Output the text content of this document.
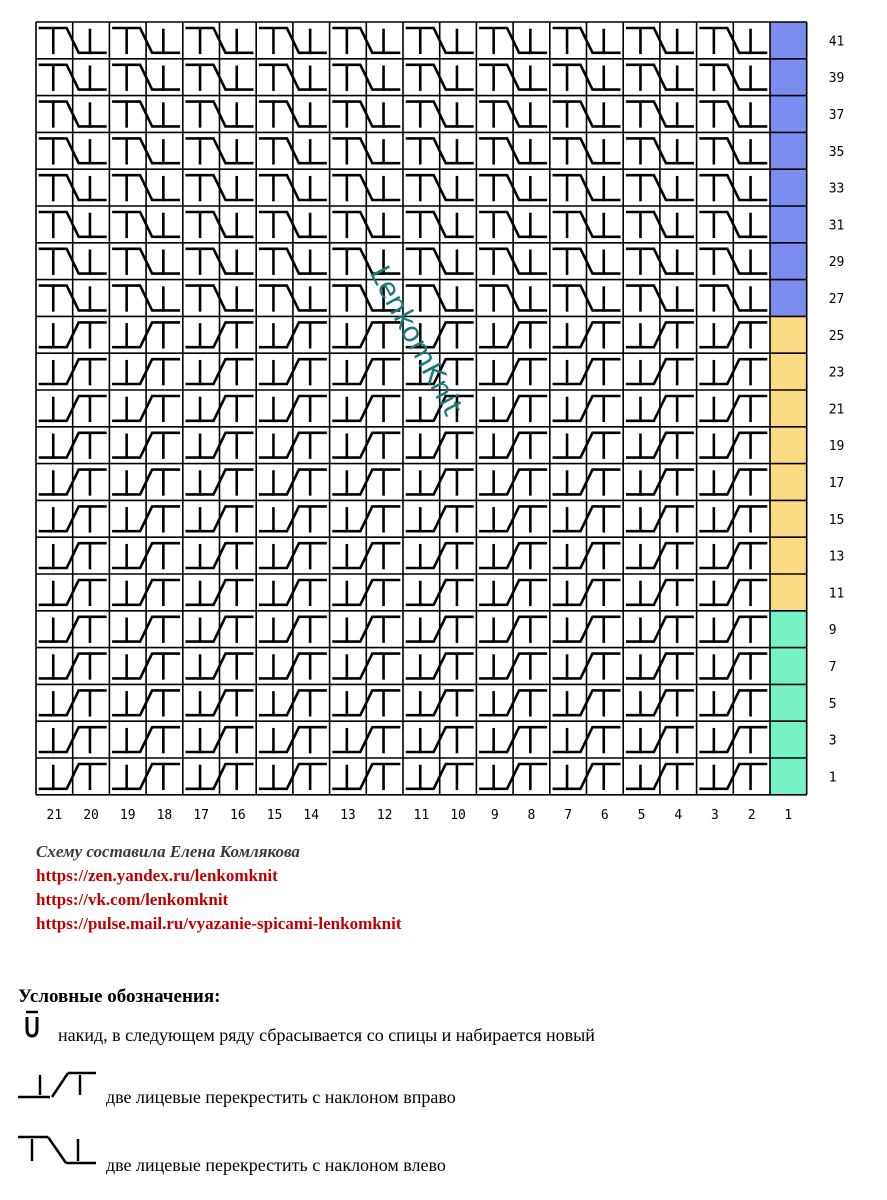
21 20 19 18 17 16 15 14 13 12 11 10 9 8 7 6 5 4 3 2 1
41
39
37
35
33
31
29
27
25
23
21
19
17
15
13
11
9
7
5
3
1
LenkomKnit
Схему составила Елена Комлякова
https://zen.yandex.ru/lenkomknit
https://vk.com/lenkomknit
https://pulse.mail.ru/vyazanie-spicami-lenkomknit
Условные обозначения:
накид, в следующем ряду сбрасывается со спицы и набирается новый
две лицевые перекрестить с наклоном вправо
две лицевые перекрестить с наклоном влево
